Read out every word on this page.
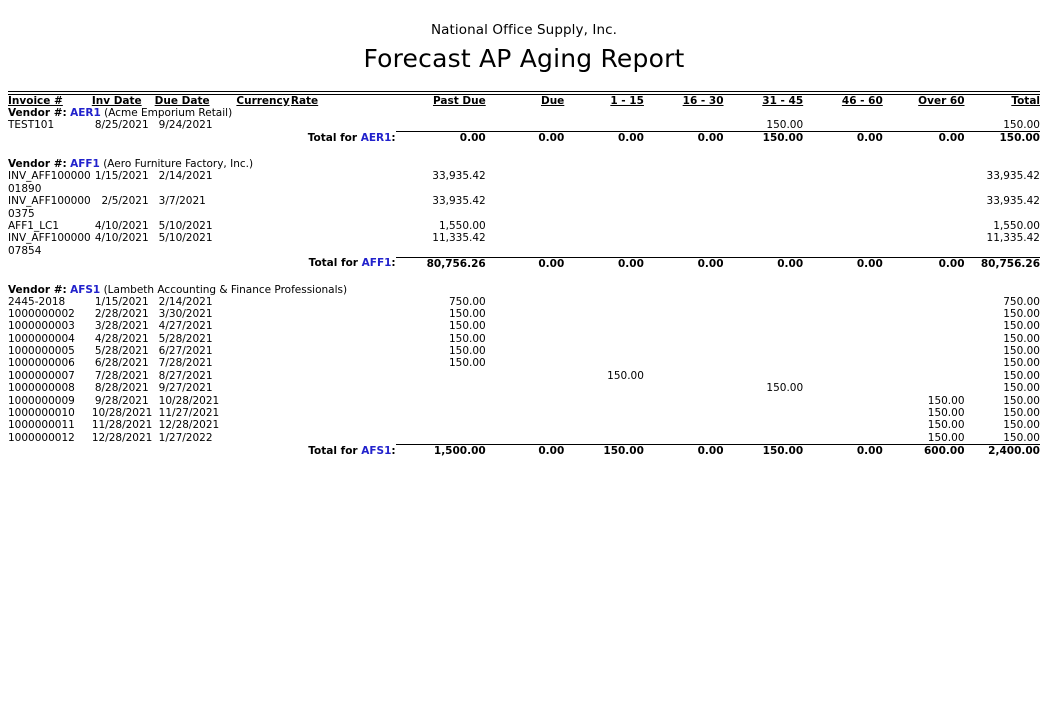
National Office Supply, Inc.
Forecast AP Aging Report
Invoice #	Inv Date	Due Date	Currency	Rate	Past Due	Due	1 - 15	16 - 30	31 - 45	46 - 60	Over 60	Total
Vendor #: AER1 (Acme Emporium Retail)												
TEST101	8/25/2021	9/24/2021							150.00			150.00
Total for AER1:					0.00	0.00	0.00	0.00	150.00	0.00	0.00	150.00

Vendor #: AFF1 (Aero Furniture Factory, Inc.)												
INV_AFF10000001890	1/15/2021	2/14/2021			33,935.42							33,935.42
INV_AFF1000000375	2/5/2021	3/7/2021			33,935.42							33,935.42
AFF1_LC1	4/10/2021	5/10/2021			1,550.00							1,550.00
INV_AFF10000007854	4/10/2021	5/10/2021			11,335.42							11,335.42
Total for AFF1:					80,756.26	0.00	0.00	0.00	0.00	0.00	0.00	80,756.26

Vendor #: AFS1 (Lambeth Accounting & Finance Professionals)												
2445-2018	1/15/2021	2/14/2021			750.00							750.00
1000000002	2/28/2021	3/30/2021			150.00							150.00
1000000003	3/28/2021	4/27/2021			150.00							150.00
1000000004	4/28/2021	5/28/2021			150.00							150.00
1000000005	5/28/2021	6/27/2021			150.00							150.00
1000000006	6/28/2021	7/28/2021			150.00							150.00
1000000007	7/28/2021	8/27/2021					150.00					150.00
1000000008	8/28/2021	9/27/2021							150.00			150.00
1000000009	9/28/2021	10/28/2021									150.00	150.00
1000000010	10/28/2021	11/27/2021									150.00	150.00
1000000011	11/28/2021	12/28/2021									150.00	150.00
1000000012	12/28/2021	1/27/2022									150.00	150.00
Total for AFS1:					1,500.00	0.00	150.00	0.00	150.00	0.00	600.00	2,400.00
